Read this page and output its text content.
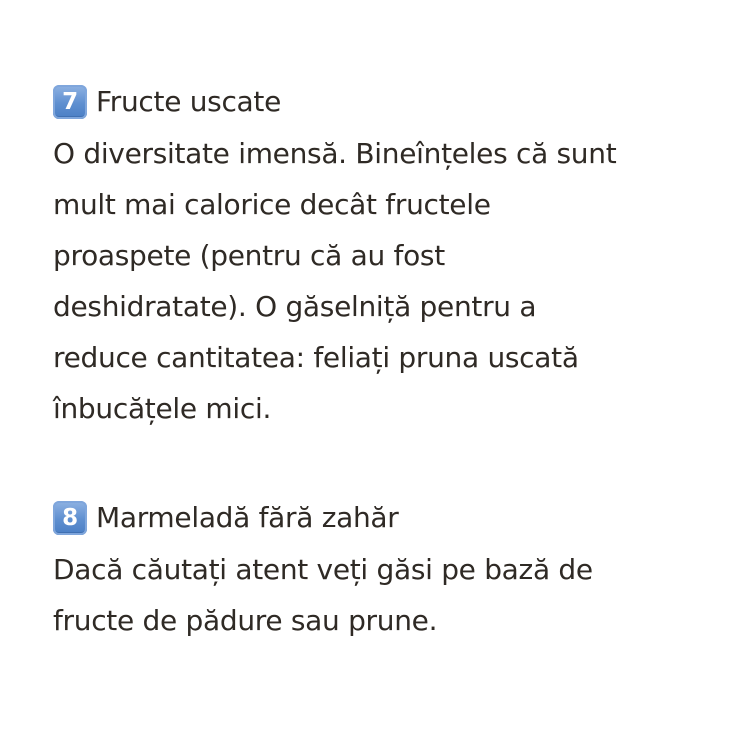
7 Fructe uscate
O diversitate imensă. Bineînțeles că sunt
mult mai calorice decât fructele
proaspete (pentru că au fost
deshidratate). O găselniță pentru a
reduce cantitatea: feliați pruna uscată
înbucățele mici.
8 Marmeladă fără zahăr
Dacă căutați atent veți găsi pe bază de
fructe de pădure sau prune.
